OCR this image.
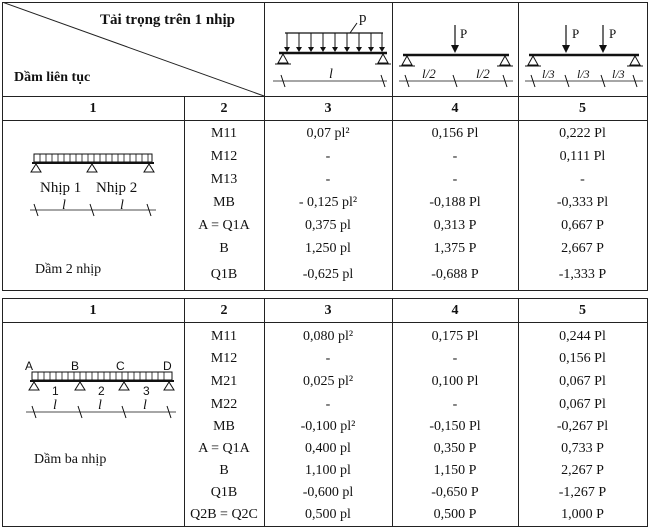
Tải trọng trên 1 nhịp
Dầm liên tục
p
l
P
l/2	l/2
P P
l/3 l/3 l/3
1	2	3	4	5
Nhịp 1 Nhịp 2
l	l
Dầm 2 nhịp
M11	0,07 pl²	0,156 Pl	0,222 Pl
M12	-	-	0,111 Pl
M13	-	-	-
MB	- 0,125 pl²	-0,188 Pl	-0,333 Pl
A = Q1A	0,375 pl	0,313 P	0,667 P
B	1,250 pl	1,375 P	2,667 P
Q1B	-0,625 pl	-0,688 P	-1,333 P
1	2	3	4	5
A	B	C	D
1	2	3
l	l	l
Dầm ba nhịp
M11	0,080 pl²	0,175 Pl	0,244 Pl
M12	-	-	0,156 Pl
M21	0,025 pl²	0,100 Pl	0,067 Pl
M22	-	-	0,067 Pl
MB	-0,100 pl²	-0,150 Pl	-0,267 Pl
A = Q1A	0,400 pl	0,350 P	0,733 P
B	1,100 pl	1,150 P	2,267 P
Q1B	-0,600 pl	-0,650 P	-1,267 P
Q2B = Q2C	0,500 pl	0,500 P	1,000 P
